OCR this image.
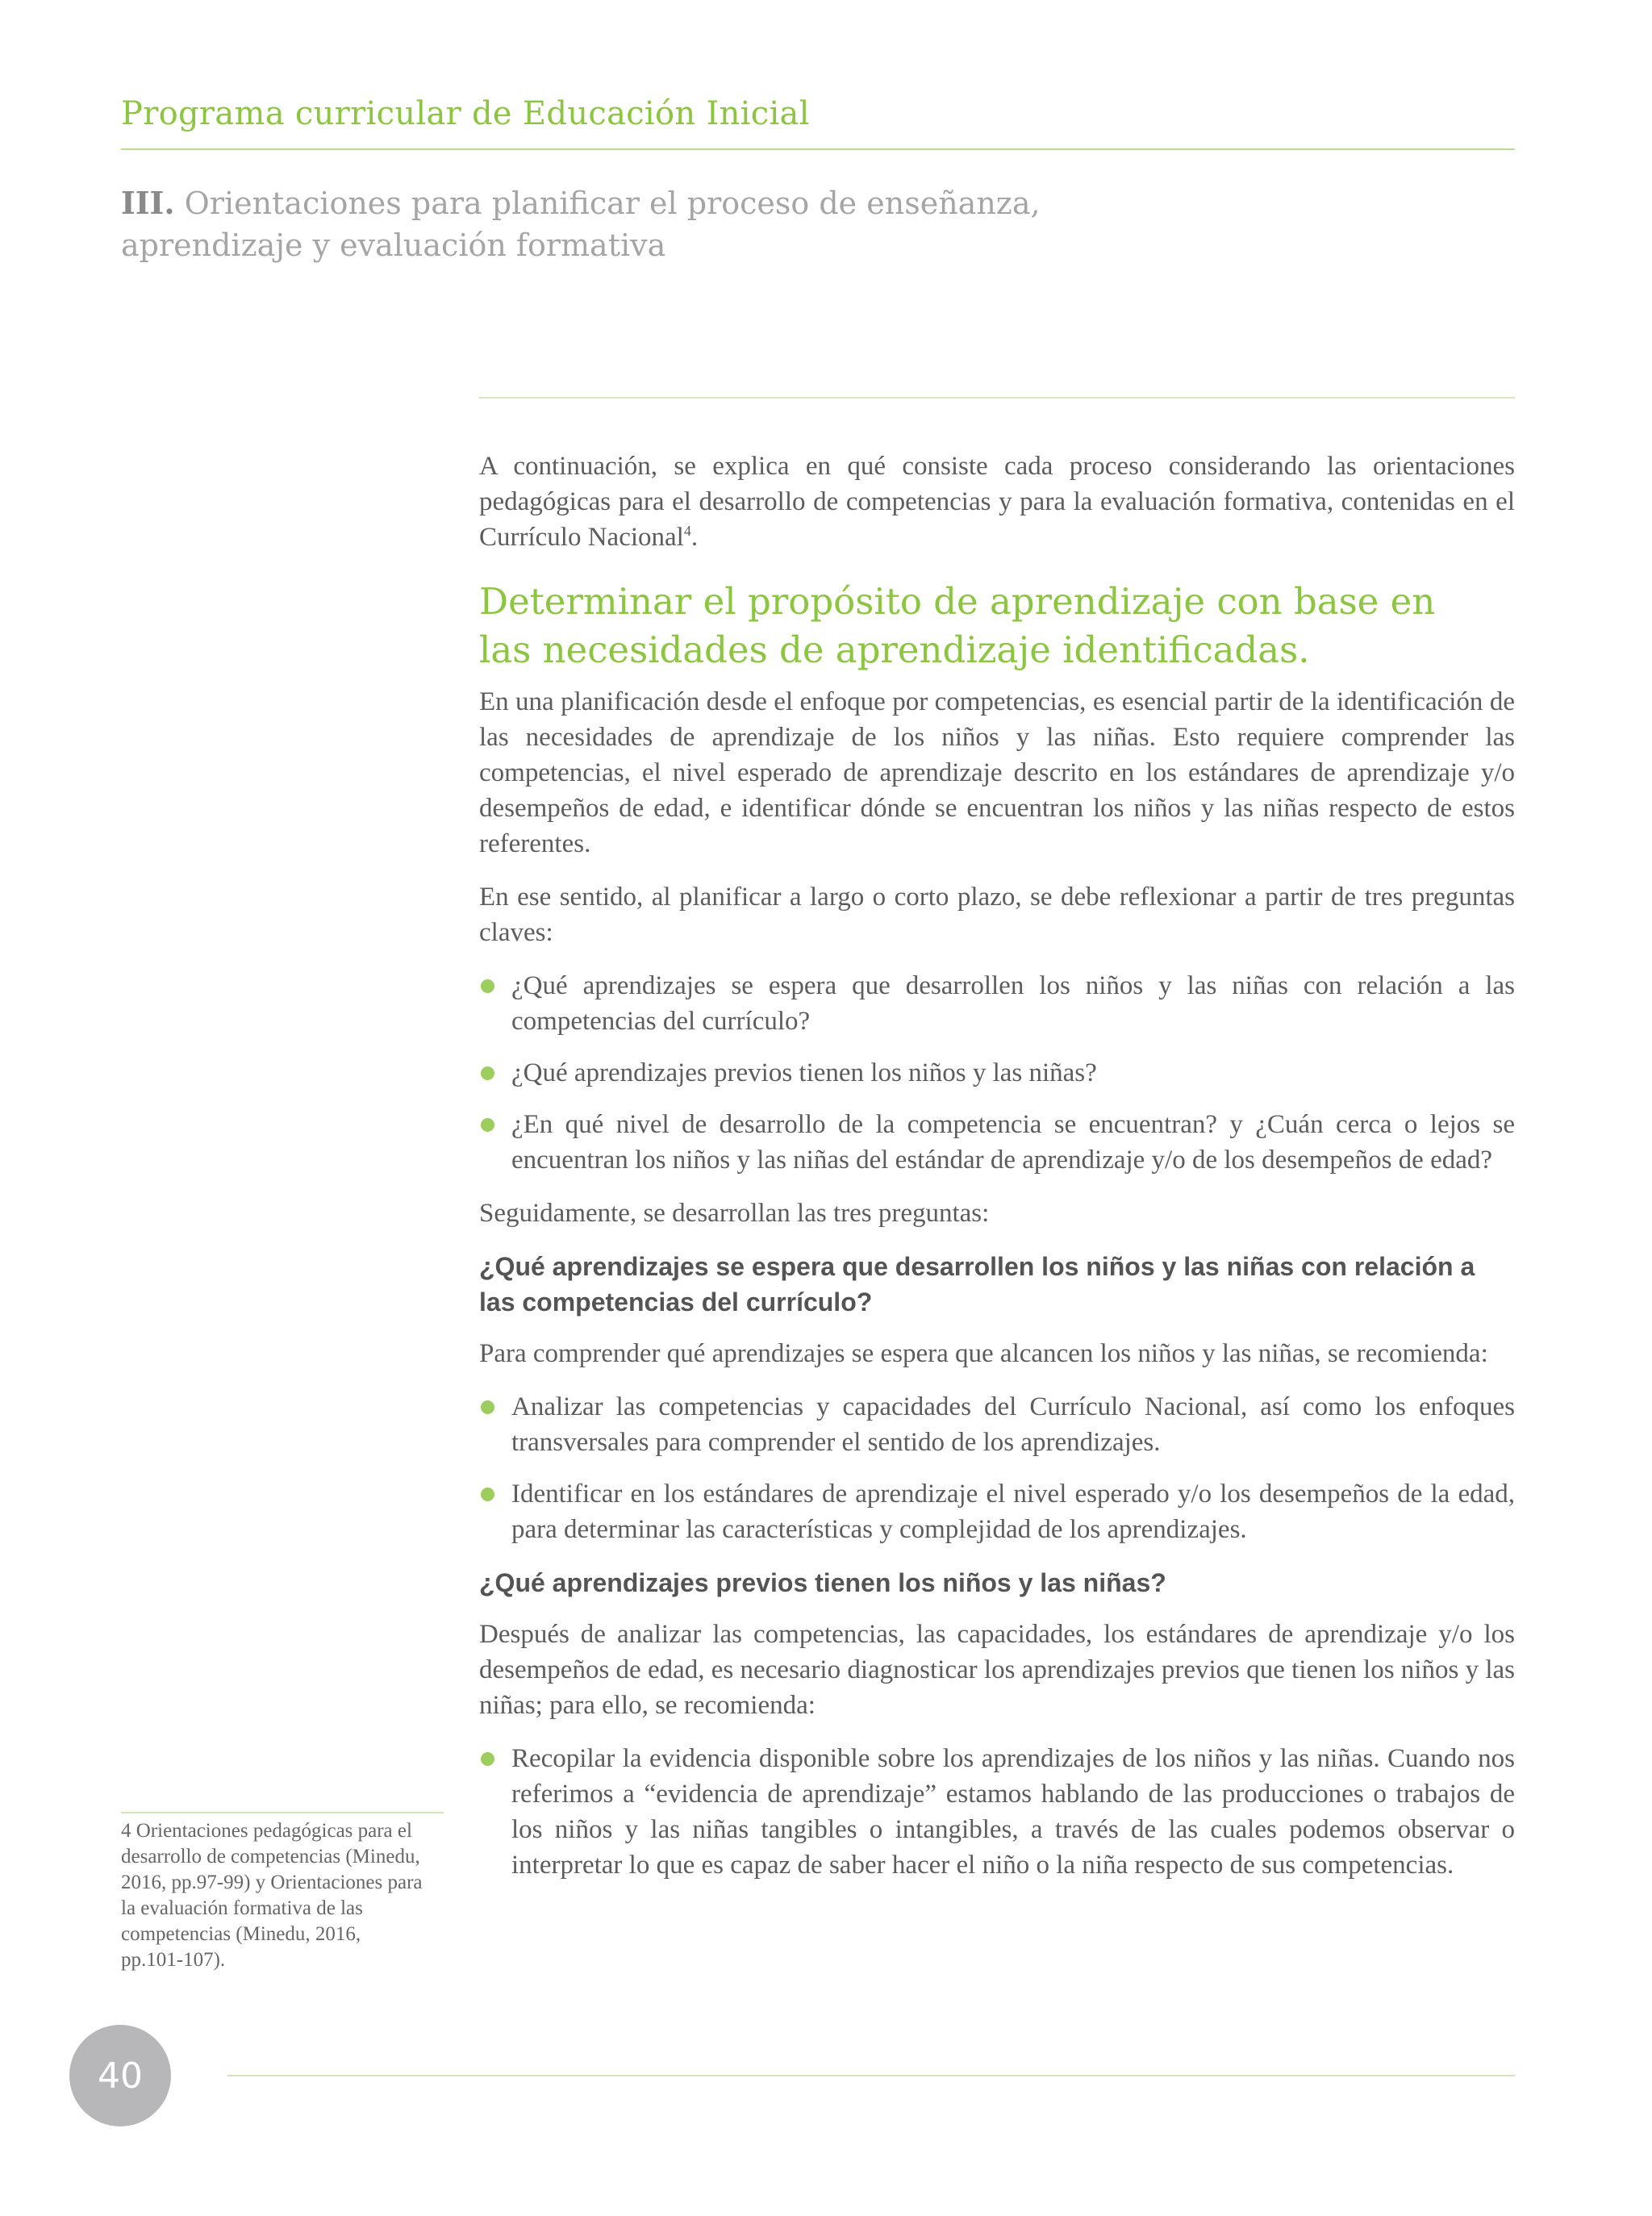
Programa curricular de Educación Inicial
III. Orientaciones para planificar el proceso de enseñanza,
aprendizaje y evaluación formativa

A continuación, se explica en qué consiste cada proceso considerando las orientaciones pedagógicas para el desarrollo de competencias y para la evaluación formativa, contenidas en el Currículo Nacional$^4$.

Determinar el propósito de aprendizaje con base en
las necesidades de aprendizaje identificadas.

En una planificación desde el enfoque por competencias, es esencial partir de la identificación de las necesidades de aprendizaje de los niños y las niñas. Esto requiere comprender las competencias, el nivel esperado de aprendizaje descrito en los estándares de aprendizaje y/o desempeños de edad, e identificar dónde se encuentran los niños y las niñas respecto de estos referentes.

En ese sentido, al planificar a largo o corto plazo, se debe reflexionar a partir de tres preguntas claves:

¿Qué aprendizajes se espera que desarrollen los niños y las niñas con relación a las competencias del currículo?
¿Qué aprendizajes previos tienen los niños y las niñas?
¿En qué nivel de desarrollo de la competencia se encuentran? y ¿Cuán cerca o lejos se encuentran los niños y las niñas del estándar de aprendizaje y/o de los desempeños de edad?

Seguidamente, se desarrollan las tres preguntas:

¿Qué aprendizajes se espera que desarrollen los niños y las niñas con relación a las competencias del currículo?

Para comprender qué aprendizajes se espera que alcancen los niños y las niñas, se recomienda:

Analizar las competencias y capacidades del Currículo Nacional, así como los enfoques transversales para comprender el sentido de los aprendizajes.
Identificar en los estándares de aprendizaje el nivel esperado y/o los desempeños de la edad, para determinar las características y complejidad de los aprendizajes.
¿Qué aprendizajes previos tienen los niños y las niñas?

Después de analizar las competencias, las capacidades, los estándares de aprendizaje y/o los desempeños de edad, es necesario diagnosticar los aprendizajes previos que tienen los niños y las niñas; para ello, se recomienda:

Recopilar la evidencia disponible sobre los aprendizajes de los niños y las niñas. Cuando nos referimos a “evidencia de aprendizaje” estamos hablando de las producciones o trabajos de los niños y las niñas tangibles o intangibles, a través de las cuales podemos observar o interpretar lo que es capaz de saber hacer el niño o la niña respecto de sus competencias.
4 Orientaciones pedagógicas para el desarrollo de competencias (Minedu, 2016, pp.97-99) y Orientaciones para la evaluación formativa de las competencias (Minedu, 2016, pp.101-107).
40
